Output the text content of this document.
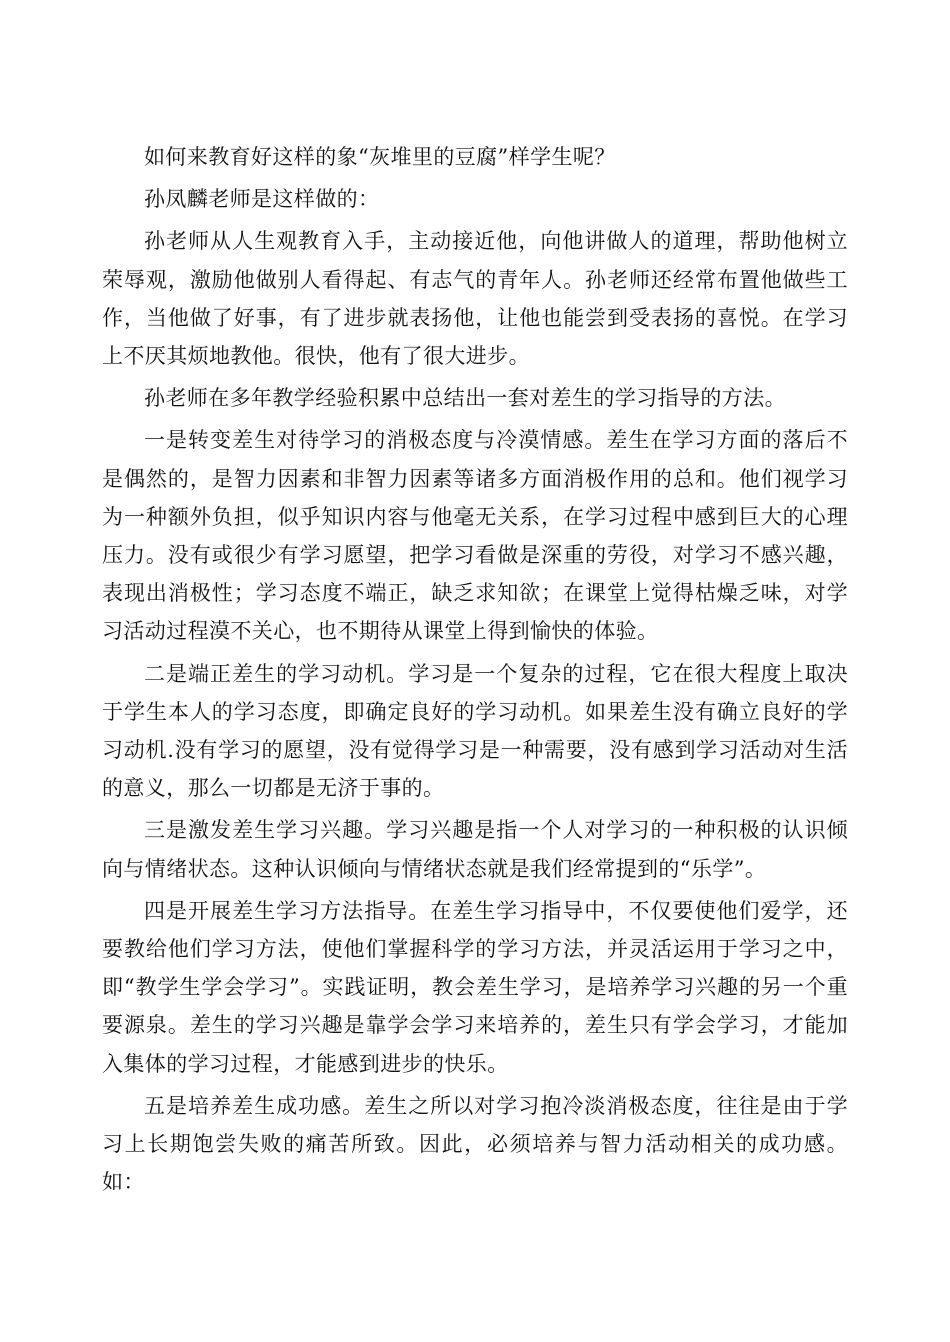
如何来教育好这样的象“灰堆里的豆腐”样学生呢？

孙凤麟老师是这样做的：

孙老师从人生观教育入手，主动接近他，向他讲做人的道理，帮助他树立荣辱观，激励他做别人看得起、有志气的青年人。孙老师还经常布置他做些工作，当他做了好事，有了进步就表扬他，让他也能尝到受表扬的喜悦。在学习上不厌其烦地教他。很快，他有了很大进步。

孙老师在多年教学经验积累中总结出一套对差生的学习指导的方法。

一是转变差生对待学习的消极态度与冷漠情感。差生在学习方面的落后不是偶然的，是智力因素和非智力因素等诸多方面消极作用的总和。他们视学习为一种额外负担，似乎知识内容与他毫无关系，在学习过程中感到巨大的心理压力。没有或很少有学习愿望，把学习看做是深重的劳役，对学习不感兴趣，表现出消极性；学习态度不端正，缺乏求知欲；在课堂上觉得枯燥乏味，对学习活动过程漠不关心，也不期待从课堂上得到愉快的体验。

二是端正差生的学习动机。学习是一个复杂的过程，它在很大程度上取决于学生本人的学习态度，即确定良好的学习动机。如果差生没有确立良好的学习动机.没有学习的愿望，没有觉得学习是一种需要，没有感到学习活动对生活的意义，那么一切都是无济于事的。

三是激发差生学习兴趣。学习兴趣是指一个人对学习的一种积极的认识倾向与情绪状态。这种认识倾向与情绪状态就是我们经常提到的“乐学”。

四是开展差生学习方法指导。在差生学习指导中，不仅要使他们爱学，还要教给他们学习方法，使他们掌握科学的学习方法，并灵活运用于学习之中，即“教学生学会学习”。实践证明，教会差生学习，是培养学习兴趣的另一个重要源泉。差生的学习兴趣是靠学会学习来培养的，差生只有学会学习，才能加入集体的学习过程，才能感到进步的快乐。

五是培养差生成功感。差生之所以对学习抱冷淡消极态度，往往是由于学习上长期饱尝失败的痛苦所致。因此，必须培养与智力活动相关的成功感。如：
